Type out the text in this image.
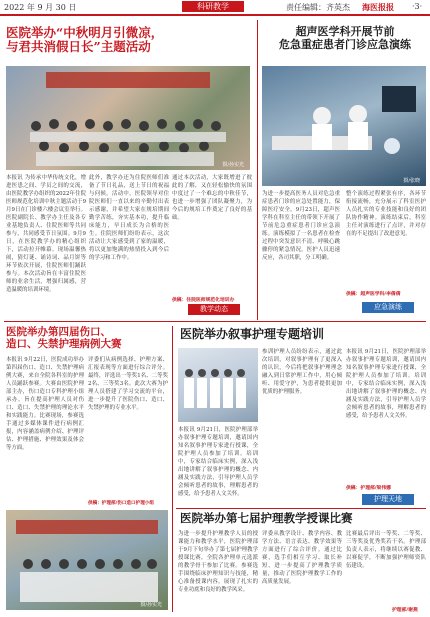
2022 年 9 月 30 日	科研教学	责任编辑：齐英杰 海医报报 ·3·
医院举办“中秋明月引微凉，
与君共消假日长”主题活动
摄/孙实光
本报讯 为传承中华传统文化，增进医患之间、学员之间的交流，由医院教学办组织的2022年住院医师规范化培训中秋主题活动于9月9日在门诊楼六楼会议室举行。医院副院长、教学办主任及各专业基地负责人、住院医师等共同参与，共同感受节日氛围。9月9日，在医院教学办的精心组织下，活动拉开帷幕。现场温馨热闹，猜灯谜、诵诗词、品月饼等环节依次开展，住院医师们踊跃参与。本次活动旨在丰富住院医师的业余生活，增强归属感，营造温暖的培训环境。
此外，教学办还为住院医师们准备了节日礼品，送上节日的祝福与问候。活动中，医院领导对住院医师们一直以来的辛勤付出表示感谢，并希望大家在规培期间勤学苦练，夯实基本功，提升临床能力，早日成长为合格的医生。住院医师们纷纷表示，这次活动让大家感受到了家的温暖，将以更加饱满的热情投入到今后的学习和工作中。
通过本次活动，大家既增进了彼此的了解，又在轻松愉快的氛围中度过了一个难忘的中秋佳节，也进一步增强了团队凝聚力，为今后的规培工作奠定了良好的基础。
供稿：住院医师规范化培训办
教学动态
超声医学科开展节前
危急重症患者门诊应急演练
摄/张晓
为进一步提高医务人员对危急重症患者门诊的应急处置能力，保障医疗安全，9月23日，超声医学科在科室主任的带领下开展了节前危急重症患者门诊应急演练。演练模拟了一名患者在检查过程中突发意识不清、呼吸心跳骤停的紧急情况，医护人员迅速反应，各司其职，分工明确。
整个演练过程紧张有序，各环节衔接流畅，充分展示了科室医护人员扎实的专业技能和良好的团队协作精神。演练结束后，科室主任对演练进行了点评，并对存在的不足提出了改进意见。
供稿：超声医学科/李倩倩
应急演练
医院举办第四届伤口、
造口、失禁护理病例大赛
本报讯 9月22日，医院成功举办第四届伤口、造口、失禁护理病例大赛，来自全院各科室的护理人员踊跃参赛。大赛由医院护理部主办，伤口造口专科护理小组承办，旨在提高护理人员对伤口、造口、失禁护理的理论水平和实践能力。比赛现场，参赛选手通过多媒体课件进行病例汇报，内容涵盖病例介绍、护理评估、护理措施、护理效果及体会等方面。
评委们从病例选择、护理方案、汇报表现等方面进行综合评分。最终，评选出一等奖1名、二等奖2名、三等奖3名。此次大赛为护理人员搭建了学习交流的平台，进一步提升了医院伤口、造口、失禁护理的专业水平。
摄/孙实光
供稿：护理部/伤口造口护理小组
医院举办叙事护理专题培训
本报讯 9月21日，医院护理部举办叙事护理专题培训，邀请国内知名叙事护理专家进行授课，全院护理人员参加了培训。培训中，专家结合临床实例，深入浅出地讲解了叙事护理的概念、内涵及实践方法，引导护理人员学会倾听患者的故事，理解患者的感受，给予患者人文关怀。
参训护理人员纷纷表示，通过此次培训，对叙事护理有了更深入的认识，今后将把叙事护理理念融入到日常护理工作中，用心倾听、用爱守护，为患者提供更加优质的护理服务。
本报讯 9月21日，医院护理部举办叙事护理专题培训，邀请国内知名叙事护理专家进行授课，全院护理人员参加了培训。培训中，专家结合临床实例，深入浅出地讲解了叙事护理的概念、内涵及实践方法，引导护理人员学会倾听患者的故事，理解患者的感受，给予患者人文关怀。
供稿：护理部/梁伟娜
护理天地
医院举办第七届护理教学授课比赛
为进一步提升护理教学人员的授课能力和教学水平，医院护理部于9月下旬举办了第七届护理教学授课比赛，全院各护理单元选派的教学骨干参加了比赛。参赛选手围绕临床护理知识与技能，精心准备授课内容，展现了扎实的专业功底和良好的教学风采。
评委从教学设计、教学内容、教学方法、语言表达、教学效果等方面进行了综合评价。通过比赛，选手们相互学习、取长补短，进一步提高了护理教学质量，推动了医院护理教学工作的高质量发展。
比赛最后评出一等奖、二等奖、三等奖及优秀奖若干名。护理部负责人表示，将继续以赛促教、以赛促学，不断加强护理师资队伍建设。
护理部/谢燕
